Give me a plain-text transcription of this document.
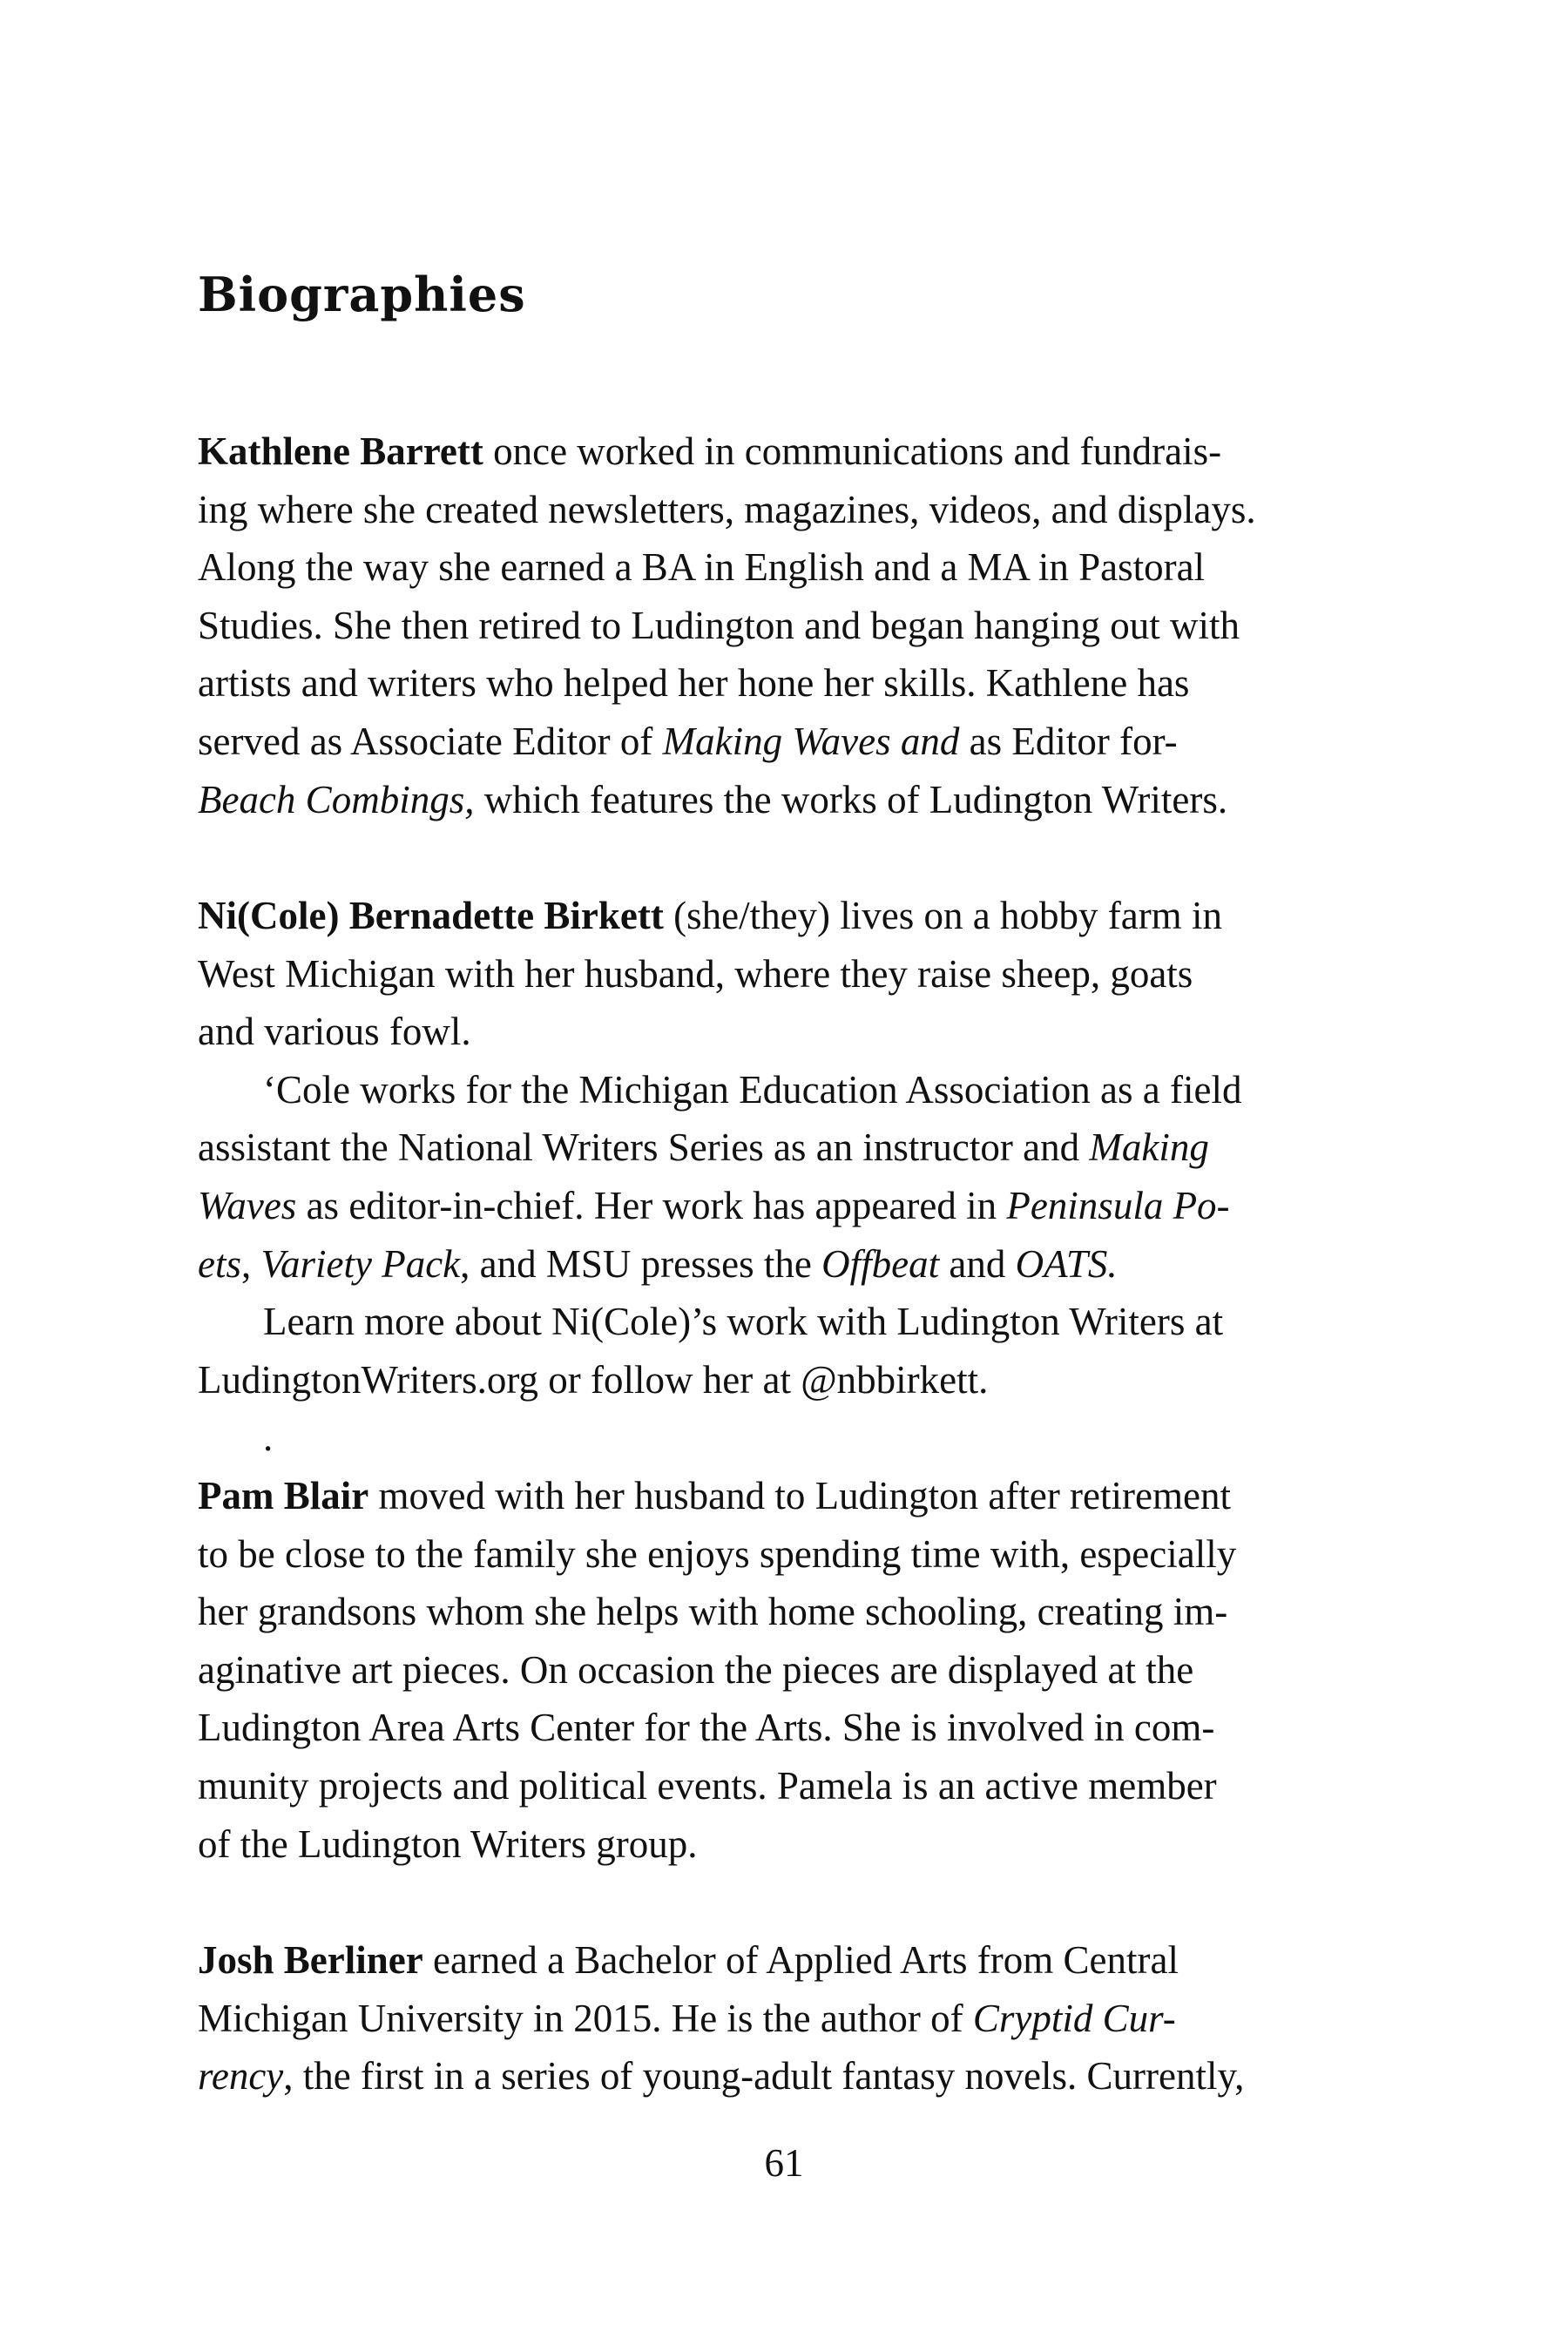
Biographies
Kathlene Barrett once worked in communications and fundrais-
ing where she created newsletters, magazines, videos, and displays.
Along the way she earned a BA in English and a MA in Pastoral
Studies. She then retired to Ludington and began hanging out with
artists and writers who helped her hone her skills. Kathlene has
served as Associate Editor of Making Waves and as Editor for-
Beach Combings, which features the works of Ludington Writers.
Ni(Cole) Bernadette Birkett (she/they) lives on a hobby farm in
West Michigan with her husband, where they raise sheep, goats
and various fowl.
‘Cole works for the Michigan Education Association as a field
assistant the National Writers Series as an instructor and Making
Waves as editor-in-chief. Her work has appeared in Peninsula Po-
ets, Variety Pack, and MSU presses the Offbeat and OATS.
Learn more about Ni(Cole)’s work with Ludington Writers at
LudingtonWriters.org or follow her at @nbbirkett.
.
Pam Blair moved with her husband to Ludington after retirement
to be close to the family she enjoys spending time with, especially
her grandsons whom she helps with home schooling, creating im-
aginative art pieces. On occasion the pieces are displayed at the
Ludington Area Arts Center for the Arts. She is involved in com-
munity projects and political events. Pamela is an active member
of the Ludington Writers group.
Josh Berliner earned a Bachelor of Applied Arts from Central
Michigan University in 2015. He is the author of Cryptid Cur-
rency, the first in a series of young-adult fantasy novels. Currently,
61
